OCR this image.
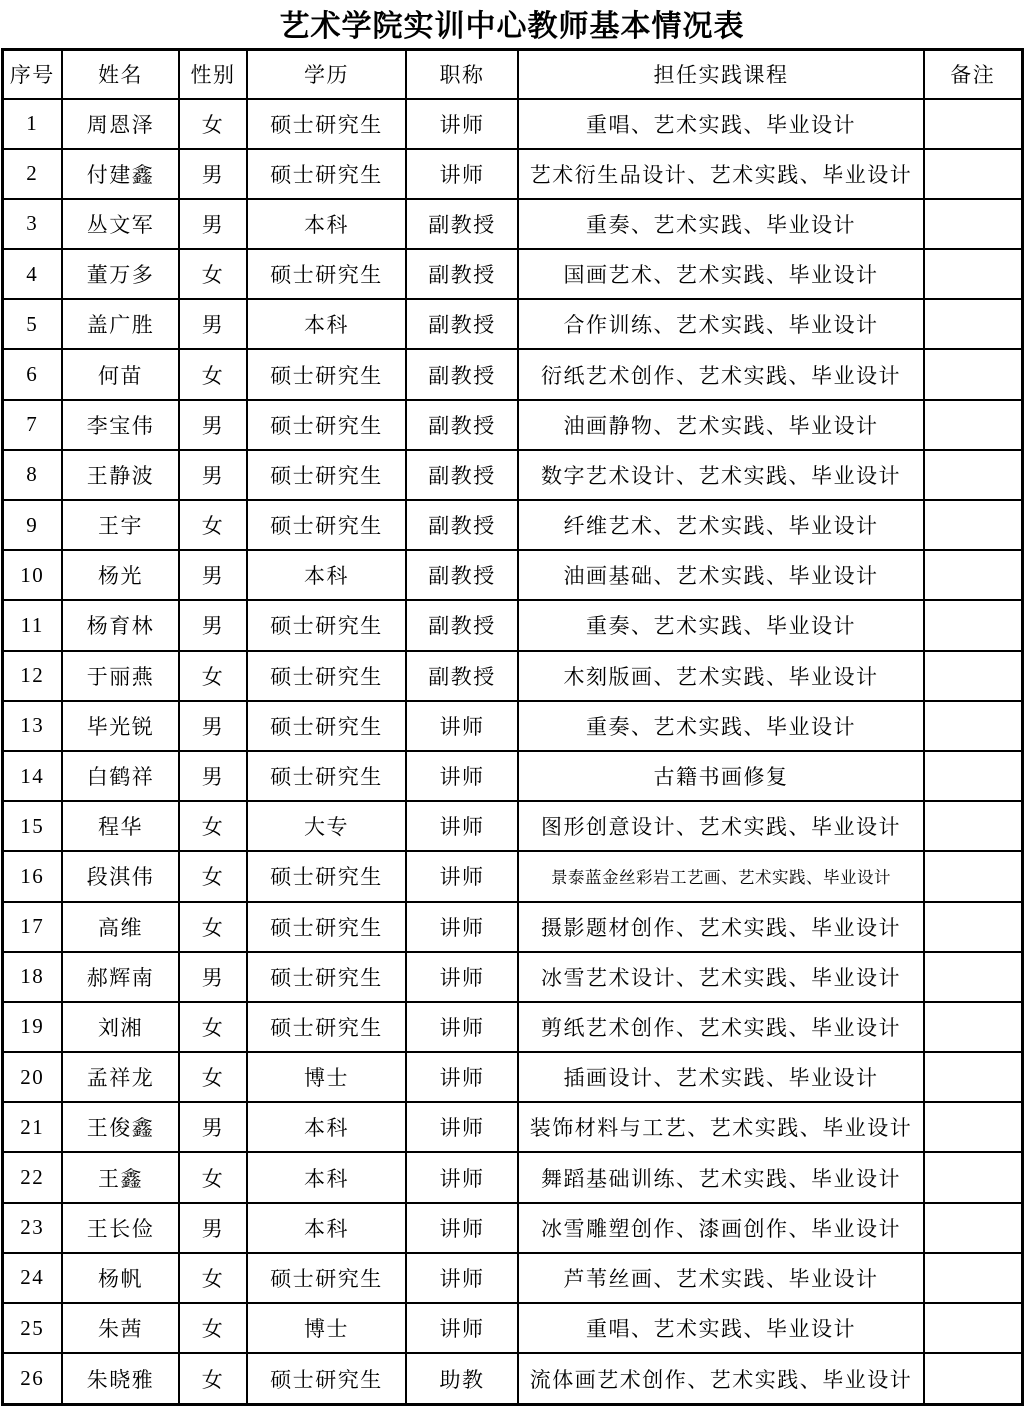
艺术学院实训中心教师基本情况表
序号	姓名	性别	学历	职称	担任实践课程	备注
1	周恩泽	女	硕士研究生	讲师	重唱、艺术实践、毕业设计	
2	付建鑫	男	硕士研究生	讲师	艺术衍生品设计、艺术实践、毕业设计	
3	丛文军	男	本科	副教授	重奏、艺术实践、毕业设计	
4	董万多	女	硕士研究生	副教授	国画艺术、艺术实践、毕业设计	
5	盖广胜	男	本科	副教授	合作训练、艺术实践、毕业设计	
6	何苗	女	硕士研究生	副教授	衍纸艺术创作、艺术实践、毕业设计	
7	李宝伟	男	硕士研究生	副教授	油画静物、艺术实践、毕业设计	
8	王静波	男	硕士研究生	副教授	数字艺术设计、艺术实践、毕业设计	
9	王宇	女	硕士研究生	副教授	纤维艺术、艺术实践、毕业设计	
10	杨光	男	本科	副教授	油画基础、艺术实践、毕业设计	
11	杨育林	男	硕士研究生	副教授	重奏、艺术实践、毕业设计	
12	于丽燕	女	硕士研究生	副教授	木刻版画、艺术实践、毕业设计	
13	毕光锐	男	硕士研究生	讲师	重奏、艺术实践、毕业设计	
14	白鹤祥	男	硕士研究生	讲师	古籍书画修复	
15	程华	女	大专	讲师	图形创意设计、艺术实践、毕业设计	
16	段淇伟	女	硕士研究生	讲师	景泰蓝金丝彩岩工艺画、艺术实践、毕业设计	
17	高维	女	硕士研究生	讲师	摄影题材创作、艺术实践、毕业设计	
18	郝辉南	男	硕士研究生	讲师	冰雪艺术设计、艺术实践、毕业设计	
19	刘湘	女	硕士研究生	讲师	剪纸艺术创作、艺术实践、毕业设计	
20	孟祥龙	女	博士	讲师	插画设计、艺术实践、毕业设计	
21	王俊鑫	男	本科	讲师	装饰材料与工艺、艺术实践、毕业设计	
22	王鑫	女	本科	讲师	舞蹈基础训练、艺术实践、毕业设计	
23	王长俭	男	本科	讲师	冰雪雕塑创作、漆画创作、毕业设计	
24	杨帆	女	硕士研究生	讲师	芦苇丝画、艺术实践、毕业设计	
25	朱茜	女	博士	讲师	重唱、艺术实践、毕业设计	
26	朱晓雅	女	硕士研究生	助教	流体画艺术创作、艺术实践、毕业设计	
